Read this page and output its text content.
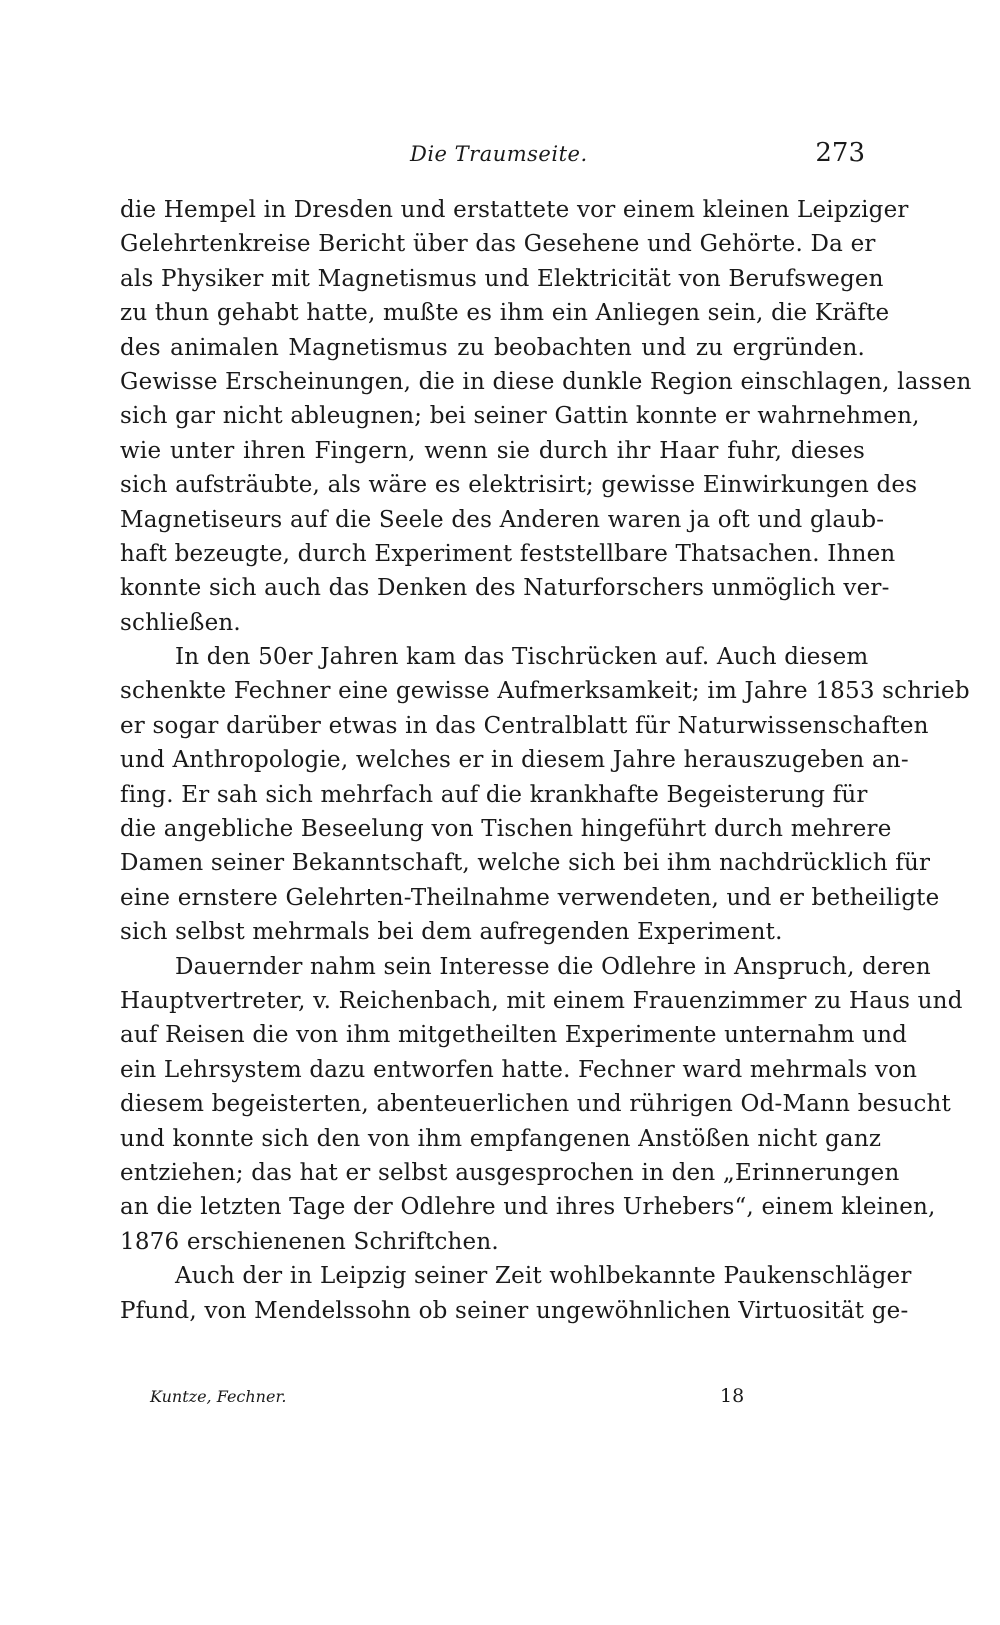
Die Traumseite.	273
die Hempel in Dresden und erstattete vor einem kleinen Leipziger
Gelehrtenkreise Bericht über das Gesehene und Gehörte. Da er
als Physiker mit Magnetismus und Elektricität von Berufswegen
zu thun gehabt hatte, mußte es ihm ein Anliegen sein, die Kräfte
des animalen Magnetismus zu beobachten und zu ergründen.
Gewisse Erscheinungen, die in diese dunkle Region einschlagen, lassen
sich gar nicht ableugnen; bei seiner Gattin konnte er wahrnehmen,
wie unter ihren Fingern, wenn sie durch ihr Haar fuhr, dieses
sich aufsträubte, als wäre es elektrisirt; gewisse Einwirkungen des
Magnetiseurs auf die Seele des Anderen waren ja oft und glaub-
haft bezeugte, durch Experiment feststellbare Thatsachen. Ihnen
konnte sich auch das Denken des Naturforschers unmöglich ver-
schließen.
In den 50er Jahren kam das Tischrücken auf. Auch diesem
schenkte Fechner eine gewisse Aufmerksamkeit; im Jahre 1853 schrieb
er sogar darüber etwas in das Centralblatt für Naturwissenschaften
und Anthropologie, welches er in diesem Jahre herauszugeben an-
fing. Er sah sich mehrfach auf die krankhafte Begeisterung für
die angebliche Beseelung von Tischen hingeführt durch mehrere
Damen seiner Bekanntschaft, welche sich bei ihm nachdrücklich für
eine ernstere Gelehrten-Theilnahme verwendeten, und er betheiligte
sich selbst mehrmals bei dem aufregenden Experiment.
Dauernder nahm sein Interesse die Odlehre in Anspruch, deren
Hauptvertreter, v. Reichenbach, mit einem Frauenzimmer zu Haus und
auf Reisen die von ihm mitgetheilten Experimente unternahm und
ein Lehrsystem dazu entworfen hatte. Fechner ward mehrmals von
diesem begeisterten, abenteuerlichen und rührigen Od-Mann besucht
und konnte sich den von ihm empfangenen Anstößen nicht ganz
entziehen; das hat er selbst ausgesprochen in den „Erinnerungen
an die letzten Tage der Odlehre und ihres Urhebers“, einem kleinen,
1876 erschienenen Schriftchen.
Auch der in Leipzig seiner Zeit wohlbekannte Paukenschläger
Pfund, von Mendelssohn ob seiner ungewöhnlichen Virtuosität ge-
Kuntze, Fechner.	18
